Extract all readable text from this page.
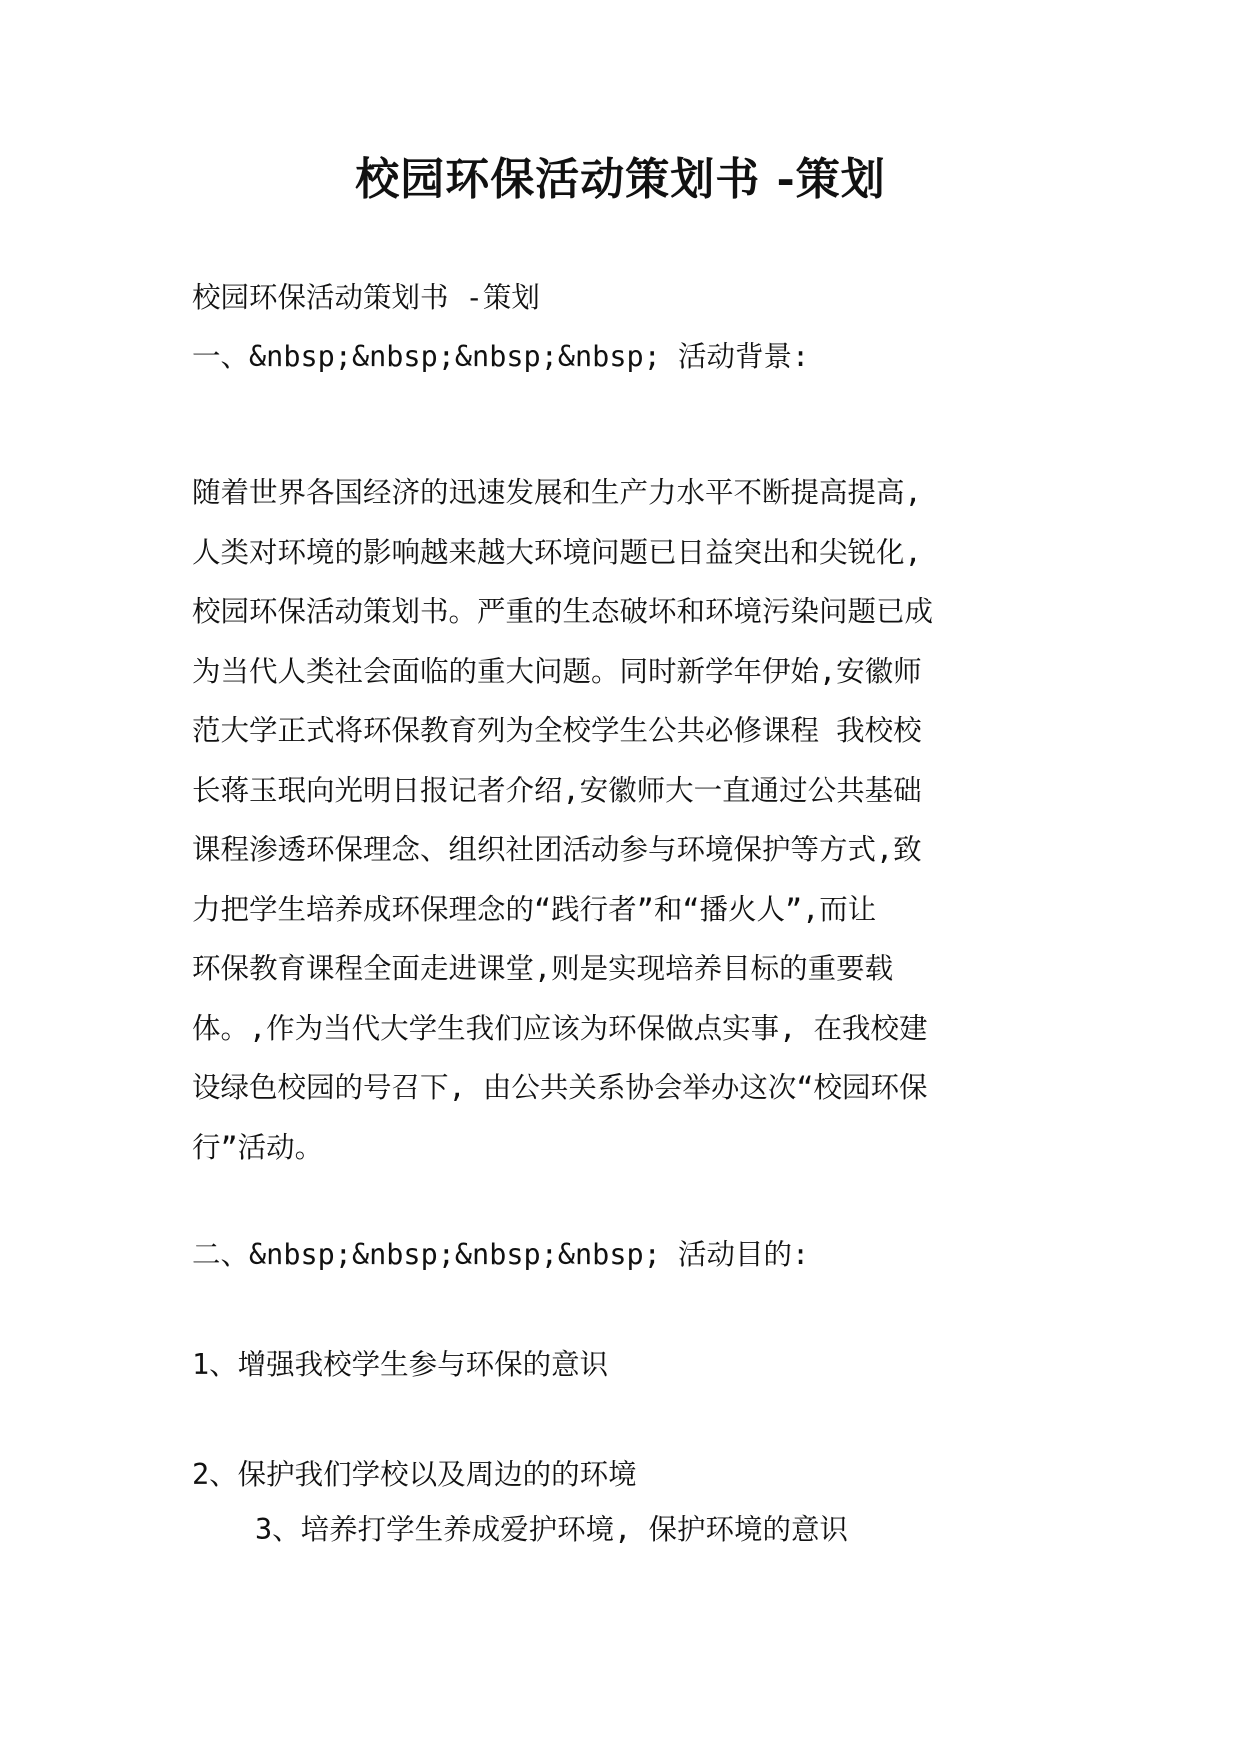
校园环保活动策划书 -策划

校园环保活动策划书 -策划

一、&nbsp;&nbsp;&nbsp;&nbsp; 活动背景:

随着世界各国经济的迅速发展和生产力水平不断提高提高,
人类对环境的影响越来越大环境问题已日益突出和尖锐化,
校园环保活动策划书。严重的生态破坏和环境污染问题已成
为当代人类社会面临的重大问题。同时新学年伊始,安徽师
范大学正式将环保教育列为全校学生公共必修课程 我校校
长蒋玉珉向光明日报记者介绍,安徽师大一直通过公共基础
课程渗透环保理念、组织社团活动参与环境保护等方式,致
力把学生培养成环保理念的“践行者”和“播火人”,而让
环保教育课程全面走进课堂,则是实现培养目标的重要载
体。,作为当代大学生我们应该为环保做点实事, 在我校建
设绿色校园的号召下, 由公共关系协会举办这次“校园环保
行”活动。

二、&nbsp;&nbsp;&nbsp;&nbsp; 活动目的:

1、增强我校学生参与环保的意识

2、保护我们学校以及周边的的环境

3、培养打学生养成爱护环境, 保护环境的意识
